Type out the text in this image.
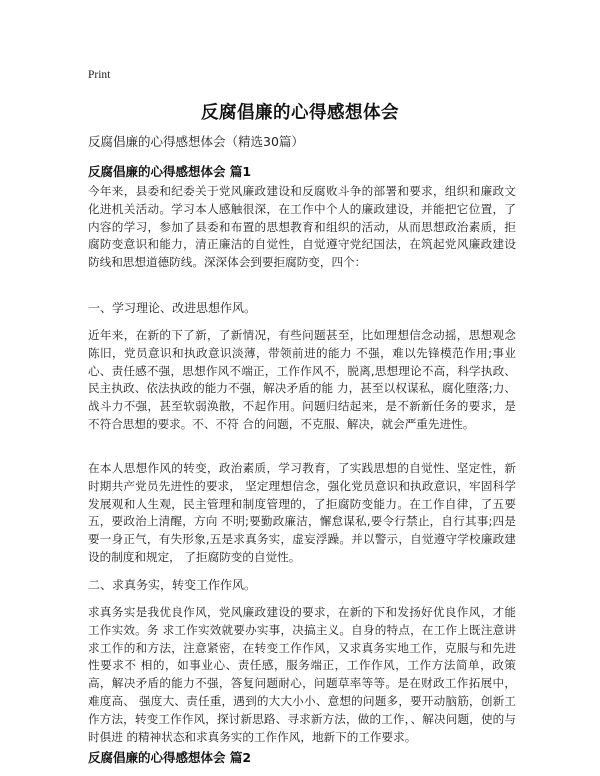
Print
反腐倡廉的心得感想体会
反腐倡廉的心得感想体会（精选30篇）
反腐倡廉的心得感想体会 篇1
今年来，县委和纪委关于党风廉政建设和反腐败斗争的部署和要求，组织和廉政文化进机关活动。学习本人感触很深，在工作中个人的廉政建设，并能把它位置，了内容的学习，参加了县委和布置的思想教育和组织的活动，从而思想政治素质，拒腐防变意识和能力，清正廉洁的自觉性，自觉遵守党纪国法，在筑起党风廉政建设防线和思想道德防线。深深体会到要拒腐防变，四个：
一、学习理论、改进思想作风。
近年来，在新的下了新，了新情况，有些问题甚至，比如理想信念动摇，思想观念陈旧，党员意识和执政意识淡薄，带领前进的能力 不强，难以先锋模范作用;事业心、责任感不强，思想作风不端正，工作作风不，脱离,思想理论不高，科学执政、民主执政、依法执政的能力不强，解决矛盾的能 力，甚至以权谋私，腐化堕落;力、战斗力不强，甚至软弱涣散，不起作用。问题归结起来，是不新新任务的要求，是不符合思想的要求。不、不符 合的问题，不克服、解决，就会严重先进性。
在本人思想作风的转变，政治素质，学习教育，了实践思想的自觉性、坚定性，新时期共产党员先进性的要求， 坚定理想信念，强化党员意识和执政意识，牢固科学发展观和人生观，民主管理和制度管理的，了拒腐防变能力。在工作自律，了五要五，要政治上清醒，方向 不明;要勤政廉洁，懈怠谋私,要令行禁止，自行其事;四是要一身正气，有失形象,五是求真务实，虚妄浮躁。并以警示，自觉遵守学校廉政建设的制度和规定， 了拒腐防变的自觉性。
二、求真务实，转变工作作风。
求真务实是我优良作风，党风廉政建设的要求，在新的下和发扬好优良作风，才能工作实效。务 求工作实效就要办实事，决搞主义。自身的特点，在工作上既注意讲求工作的和方法，注意紧密，在转变工作作风，又求真务实地工作，克服与和先进性要求不 相的，如事业心、责任感，服务端正，工作作风，工作方法简单，政策高，解决矛盾的能力不强，答复问题耐心，问题草率等等。是在财政工作拓展中，难度高、 强度大、责任重，遇到的大大小小、意想的问题多，要开动脑筋，创新工作方法，转变工作作风，探讨新思路、寻求新方法，做的工作，、解决问题，使的与时俱进 的精神状态和求真务实的工作作风，地新下的工作要求。
反腐倡廉的心得感想体会 篇2
